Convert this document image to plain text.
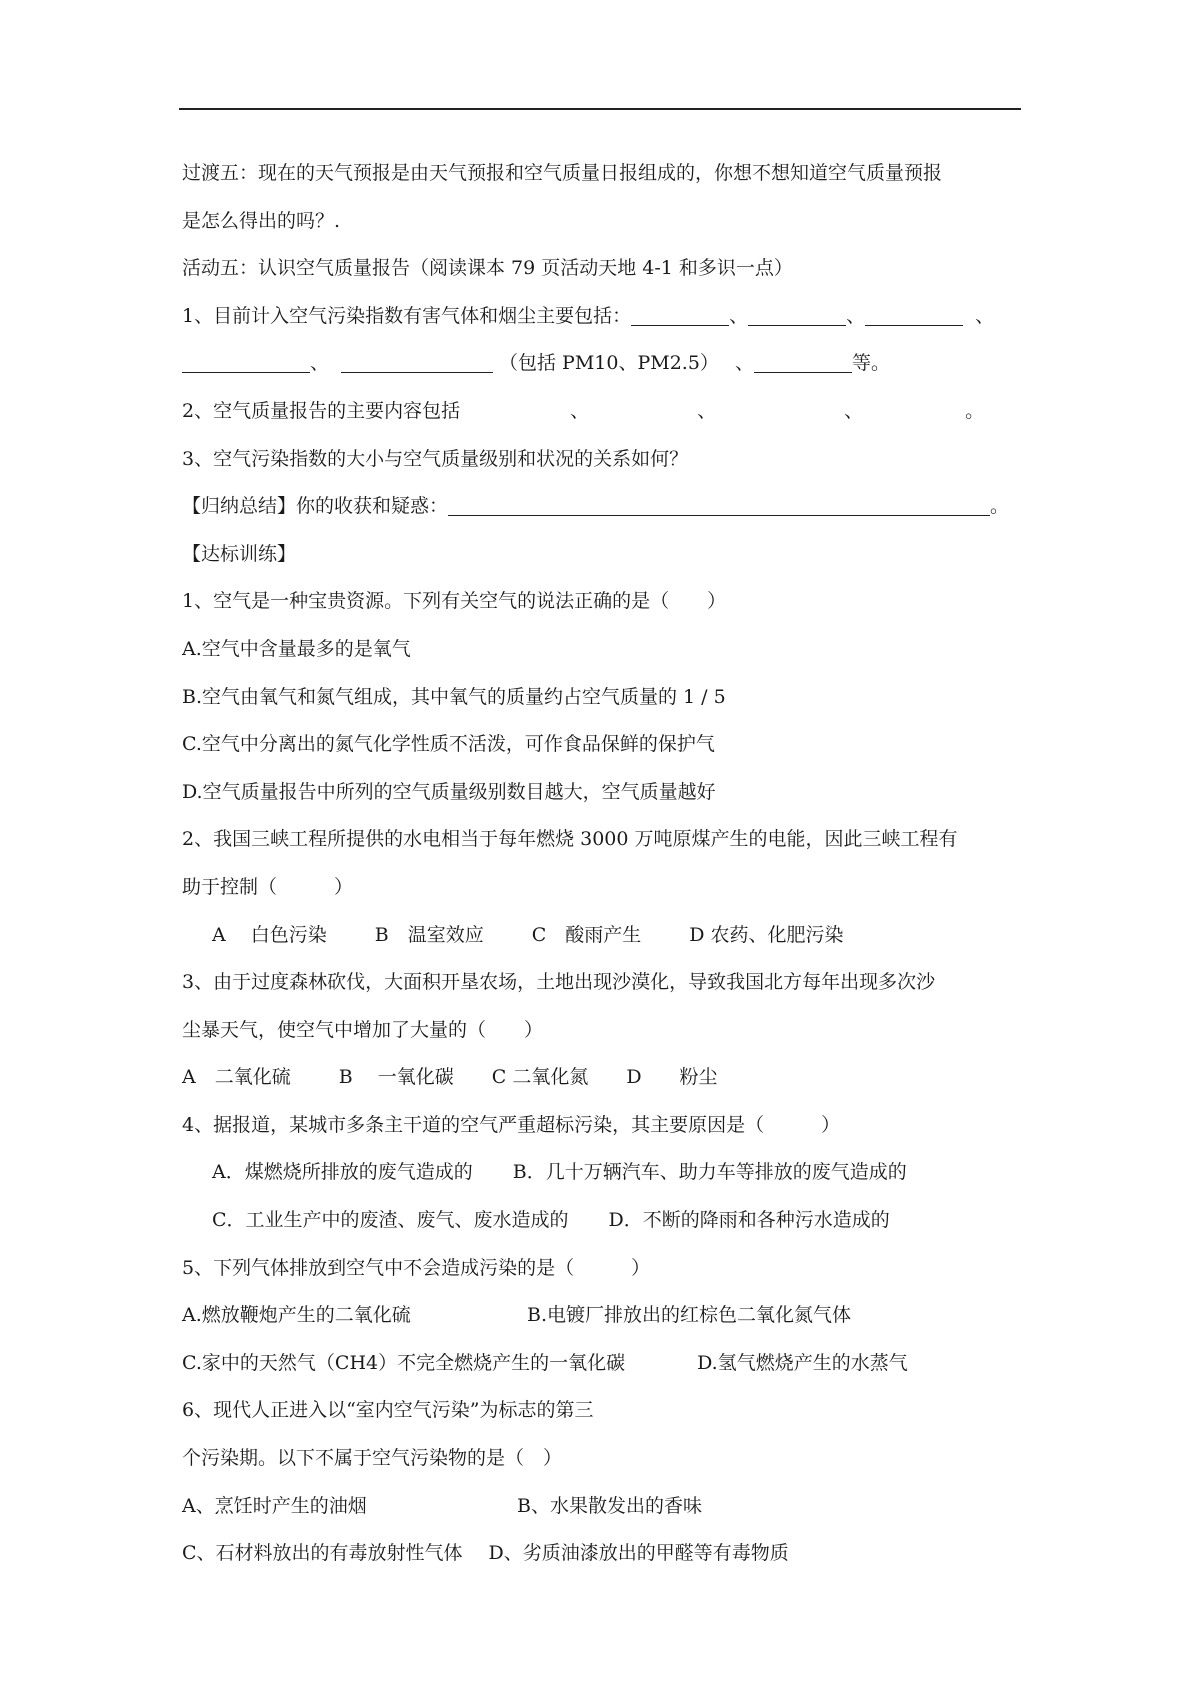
过渡五：现在的天气预报是由天气预报和空气质量日报组成的，你想不想知道空气质量预报
是怎么得出的吗？.
活动五：认识空气质量报告（阅读课本 79 页活动天地 4-1 和多识一点）
1、目前计入空气污染指数有害气体和烟尘主要包括：	、	、	、
、	（包括 PM10、PM2.5） 、	等。
2、空气质量报告的主要内容包括	、	、	、	。
3、空气污染指数的大小与空气质量级别和状况的关系如何？
【归纳总结】你的收获和疑惑：	。
【达标训练】
1、空气是一种宝贵资源。下列有关空气的说法正确的是（　　）
A.空气中含量最多的是氧气
B.空气由氧气和氮气组成，其中氧气的质量约占空气质量的 1 / 5
C.空气中分离出的氮气化学性质不活泼，可作食品保鲜的保护气
D.空气质量报告中所列的空气质量级别数目越大，空气质量越好
2、我国三峡工程所提供的水电相当于每年燃烧 3000 万吨原煤产生的电能，因此三峡工程有
助于控制（　　　）
A　 白色污染	B　温室效应	C　酸雨产生	D 农药、化肥污染
3、由于过度森林砍伐，大面积开垦农场，土地出现沙漠化，导致我国北方每年出现多次沙
尘暴天气，使空气中增加了大量的（　　）
A　二氧化硫	B　 一氧化碳 C 二氧化氮 D　　粉尘
4、据报道，某城市多条主干道的空气严重超标污染，其主要原因是（　　　）
A．煤燃烧所排放的废气造成的 B．几十万辆汽车、助力车等排放的废气造成的
C．工业生产中的废渣、废气、废水造成的 D．不断的降雨和各种污水造成的
5、下列气体排放到空气中不会造成污染的是（　　　）
A.燃放鞭炮产生的二氧化硫	B.电镀厂排放出的红棕色二氧化氮气体
C.家中的天然气（CH4）不完全燃烧产生的一氧化碳	D.氢气燃烧产生的水蒸气
6、现代人正进入以“室内空气污染”为标志的第三
个污染期。以下不属于空气污染物的是（　）
A、烹饪时产生的油烟	B、水果散发出的香味
C、石材料放出的有毒放射性气体 D、劣质油漆放出的甲醛等有毒物质
